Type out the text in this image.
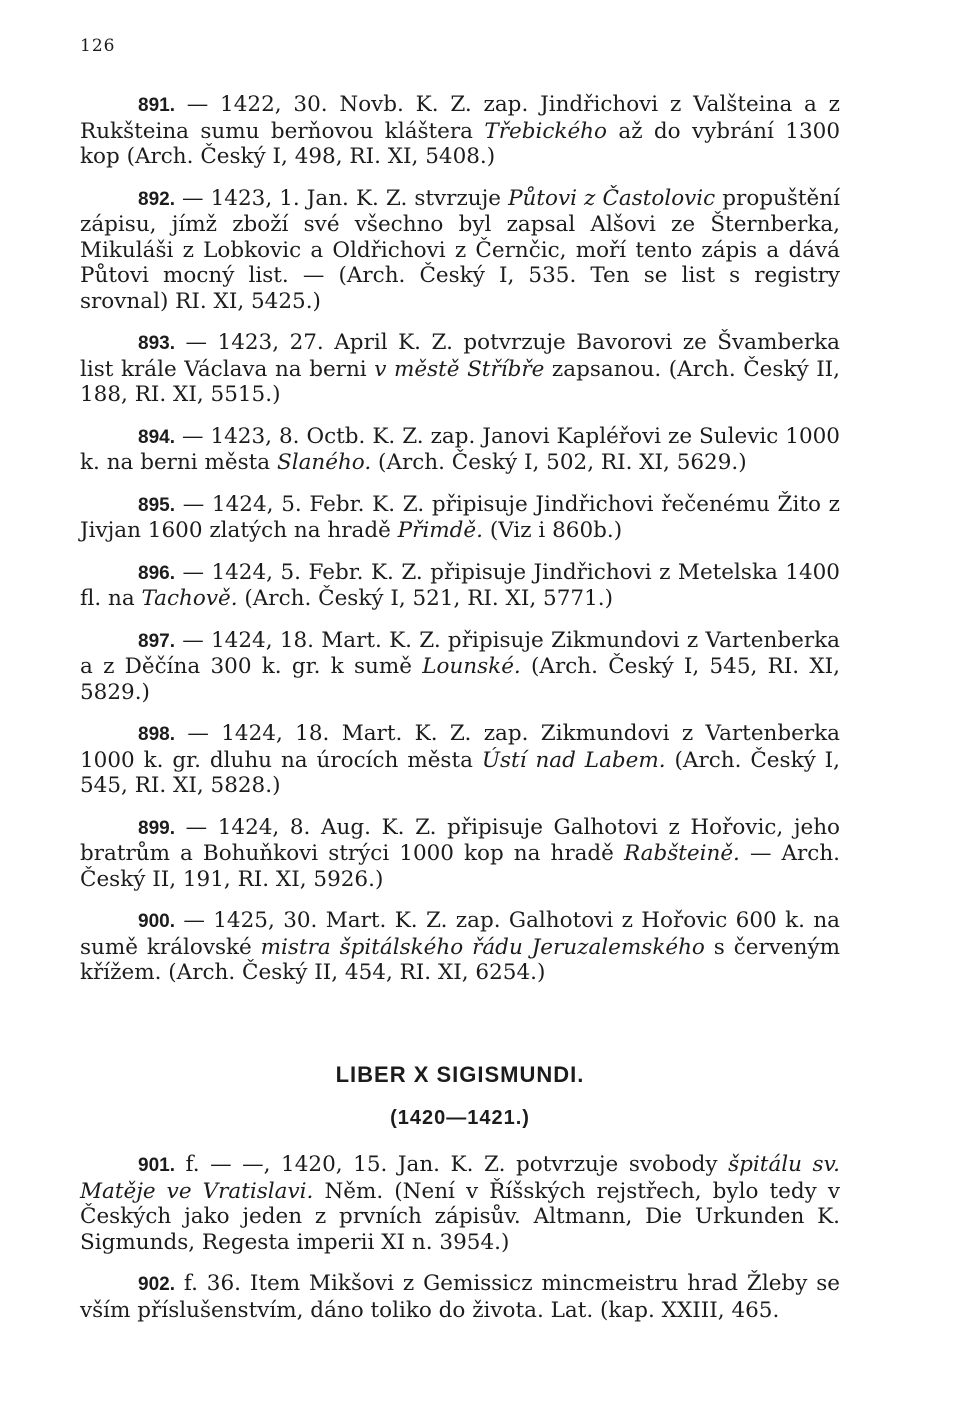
126

891. — 1422, 30. Novb. K. Z. zap. Jindřichovi z Valšteina a z Rukšteina sumu berňovou kláštera Třebického až do vybrání 1300 kop (Arch. Český I, 498, RI. XI, 5408.)

892. — 1423, 1. Jan. K. Z. stvrzuje Půtovi z Častolovic propuštění zápisu, jímž zboží své všechno byl zapsal Alšovi ze Šternberka, Mikuláši z Lobkovic a Oldřichovi z Černčic, moří tento zápis a dává Půtovi mocný list. — (Arch. Český I, 535. Ten se list s registry srovnal) RI. XI, 5425.)

893. — 1423, 27. April K. Z. potvrzuje Bavorovi ze Švamberka list krále Václava na berni v městě Stříbře zapsanou. (Arch. Český II, 188, RI. XI, 5515.)

894. — 1423, 8. Octb. K. Z. zap. Janovi Kapléřovi ze Sulevic 1000 k. na berni města Slaného. (Arch. Český I, 502, RI. XI, 5629.)

895. — 1424, 5. Febr. K. Z. připisuje Jindřichovi řečenému Žito z Jivjan 1600 zlatých na hradě Přimdě. (Viz i 860b.)

896. — 1424, 5. Febr. K. Z. připisuje Jindřichovi z Metelska 1400 fl. na Tachově. (Arch. Český I, 521, RI. XI, 5771.)

897. — 1424, 18. Mart. K. Z. připisuje Zikmundovi z Vartenberka a z Děčína 300 k. gr. k sumě Lounské. (Arch. Český I, 545, RI. XI, 5829.)

898. — 1424, 18. Mart. K. Z. zap. Zikmundovi z Vartenberka 1000 k. gr. dluhu na úrocích města Ústí nad Labem. (Arch. Český I, 545, RI. XI, 5828.)

899. — 1424, 8. Aug. K. Z. připisuje Galhotovi z Hořovic, jeho bratrům a Bohuňkovi strýci 1000 kop na hradě Rabšteině. — Arch. Český II, 191, RI. XI, 5926.)

900. — 1425, 30. Mart. K. Z. zap. Galhotovi z Hořovic 600 k. na sumě královské mistra špitálského řádu Jeruzalemského s červeným křížem. (Arch. Český II, 454, RI. XI, 6254.)

LIBER X SIGISMUNDI.
(1420—1421.)

901. f. — —, 1420, 15. Jan. K. Z. potvrzuje svobody špitálu sv. Matěje ve Vratislavi. Něm. (Není v Říšských rejstřech, bylo tedy v Českých jako jeden z prvních zápisův. Altmann, Die Urkunden K. Sigmunds, Regesta imperii XI n. 3954.)

902. f. 36. Item Mikšovi z Gemissicz mincmeistru hrad Žleby se vším příslušenstvím, dáno toliko do života. Lat. (kap. XXIII, 465.
